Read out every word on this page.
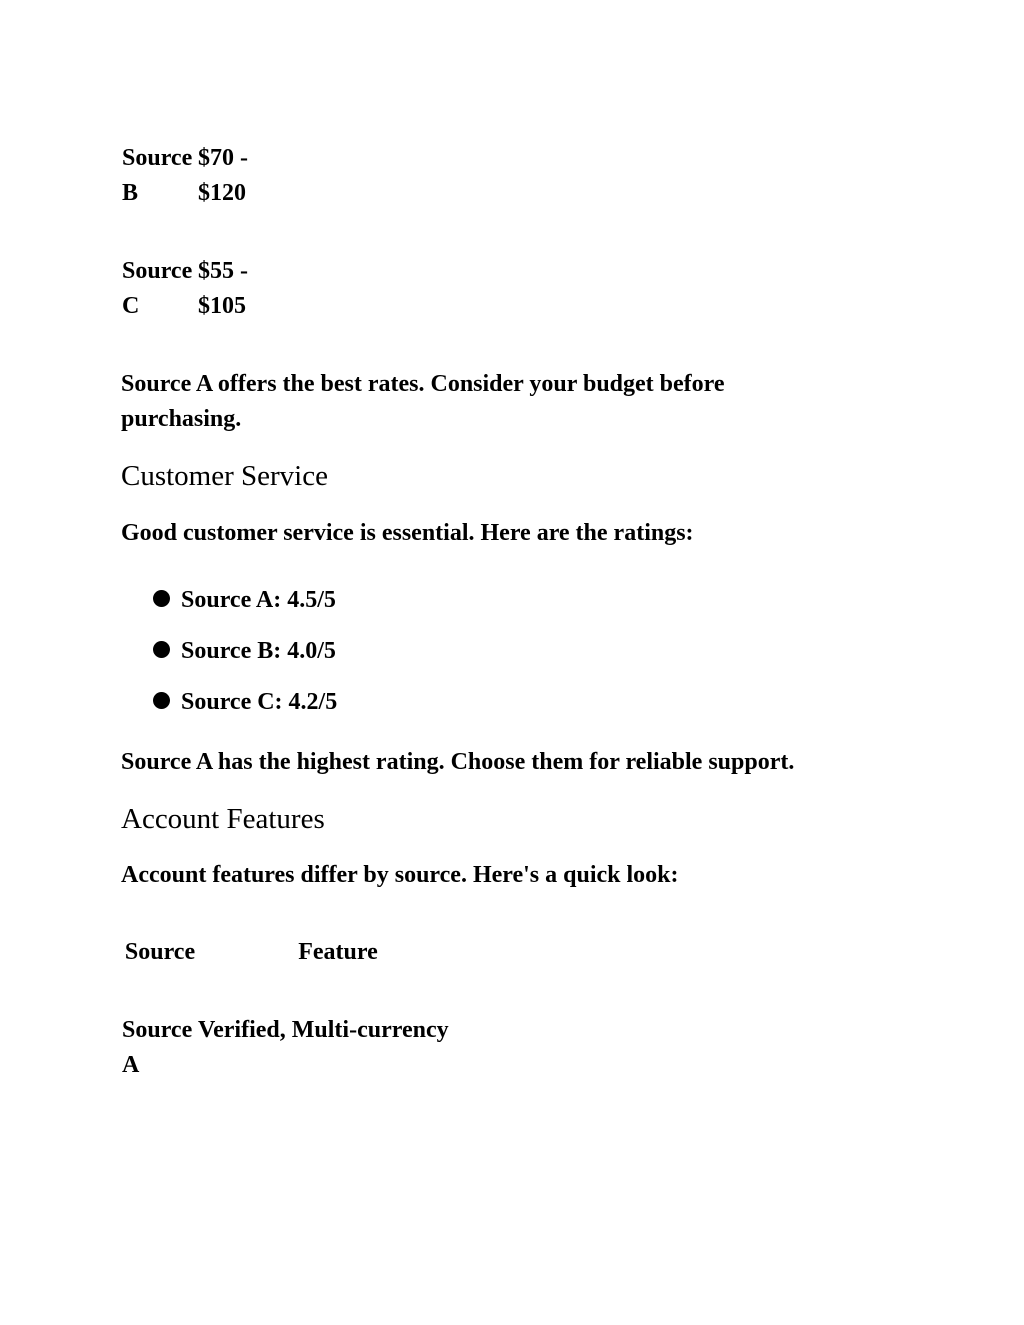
Source B	$70 - $120

Source C	$55 - $105

Source A offers the best rates. Consider your budget before purchasing.

Customer Service

Good customer service is essential. Here are the ratings:

Source A: 4.5/5
Source B: 4.0/5
Source C: 4.2/5

Source A has the highest rating. Choose them for reliable support.

Account Features

Account features differ by source. Here's a quick look:

Source	Feature

Source A	Verified, Multi-currency
